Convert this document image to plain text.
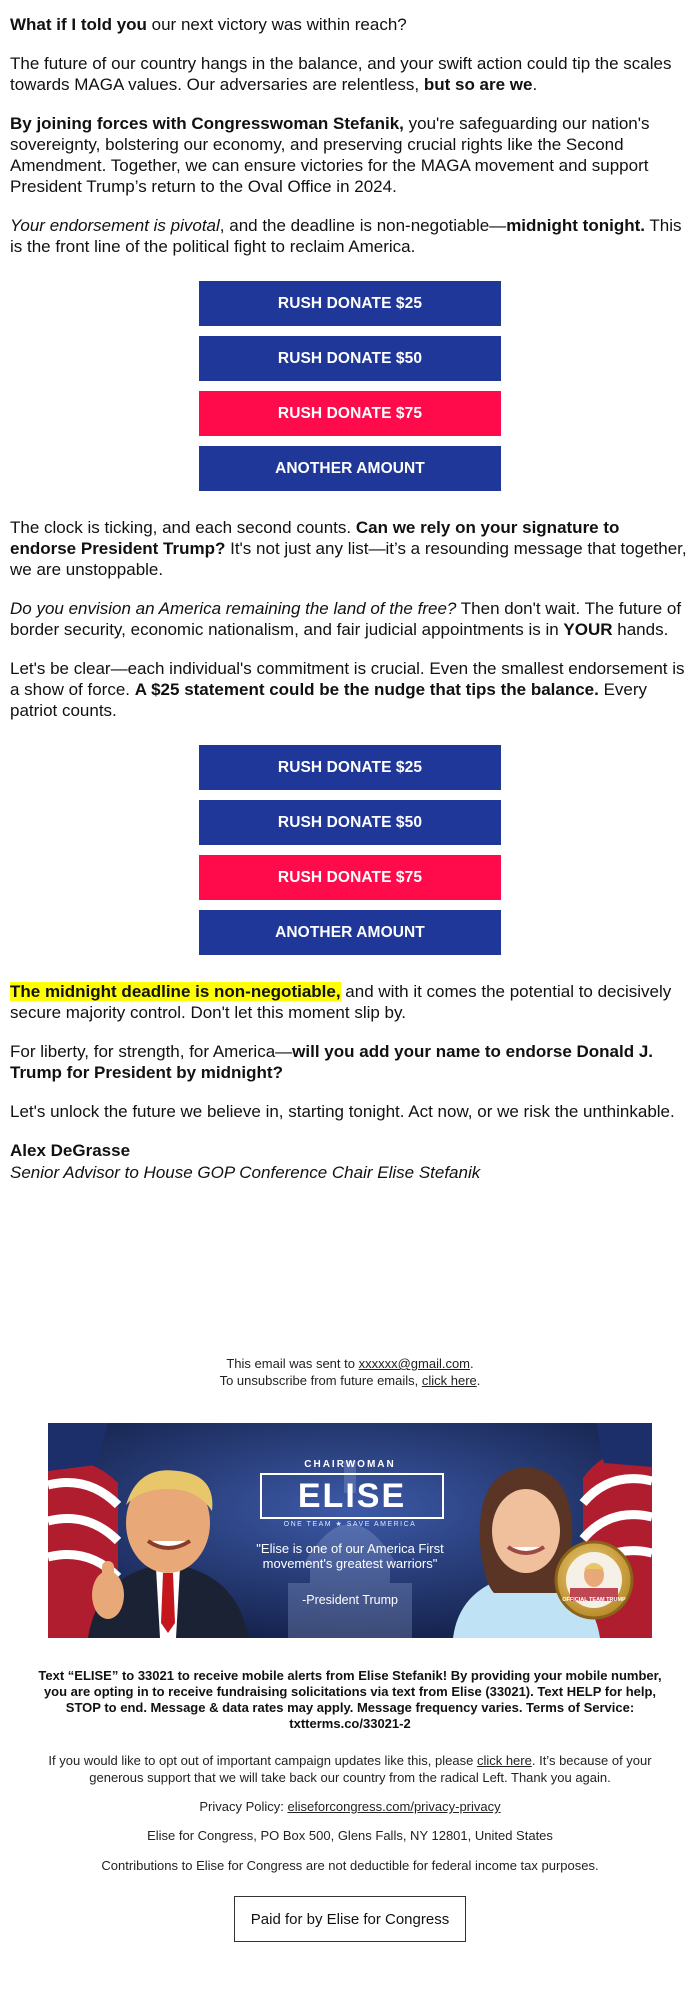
What if I told you our next victory was within reach?

The future of our country hangs in the balance, and your swift action could tip the scales towards MAGA values. Our adversaries are relentless, but so are we.

By joining forces with Congresswoman Stefanik, you're safeguarding our nation's sovereignty, bolstering our economy, and preserving crucial rights like the Second Amendment. Together, we can ensure victories for the MAGA movement and support President Trump’s return to the Oval Office in 2024.

Your endorsement is pivotal, and the deadline is non-negotiable—midnight tonight. This is the front line of the political fight to reclaim America.

RUSH DONATE $25
RUSH DONATE $50
RUSH DONATE $75
ANOTHER AMOUNT

The clock is ticking, and each second counts. Can we rely on your signature to endorse President Trump? It's not just any list—it’s a resounding message that together, we are unstoppable.

Do you envision an America remaining the land of the free? Then don't wait. The future of border security, economic nationalism, and fair judicial appointments is in YOUR hands.

Let's be clear—each individual's commitment is crucial. Even the smallest endorsement is a show of force. A $25 statement could be the nudge that tips the balance. Every patriot counts.

RUSH DONATE $25
RUSH DONATE $50
RUSH DONATE $75
ANOTHER AMOUNT

The midnight deadline is non-negotiable, and with it comes the potential to decisively secure majority control. Don't let this moment slip by.

For liberty, for strength, for America—will you add your name to endorse Donald J. Trump for President by midnight?

Let's unlock the future we believe in, starting tonight. Act now, or we risk the unthinkable.

Alex DeGrasse
Senior Advisor to House GOP Conference Chair Elise Stefanik
This email was sent to xxxxxx@gmail.com.
To unsubscribe from future emails, click here.
CHAIRWOMAN
ELISE
ONE TEAM ★ SAVE AMERICA
"Elise is one of our America First movement's greatest warriors"
-President Trump	OFFICIAL TEAM TRUMP
Text “ELISE” to 33021 to receive mobile alerts from Elise Stefanik! By providing your mobile number, you are opting in to receive fundraising solicitations via text from Elise (33021). Text HELP for help, STOP to end. Message & data rates may apply. Message frequency varies. Terms of Service: txtterms.co/33021-2
If you would like to opt out of important campaign updates like this, please click here. It’s because of your generous support that we will take back our country from the radical Left. Thank you again.
Privacy Policy: eliseforcongress.com/privacy-privacy
Elise for Congress, PO Box 500, Glens Falls, NY 12801, United States
Contributions to Elise for Congress are not deductible for federal income tax purposes.
Paid for by Elise for Congress
